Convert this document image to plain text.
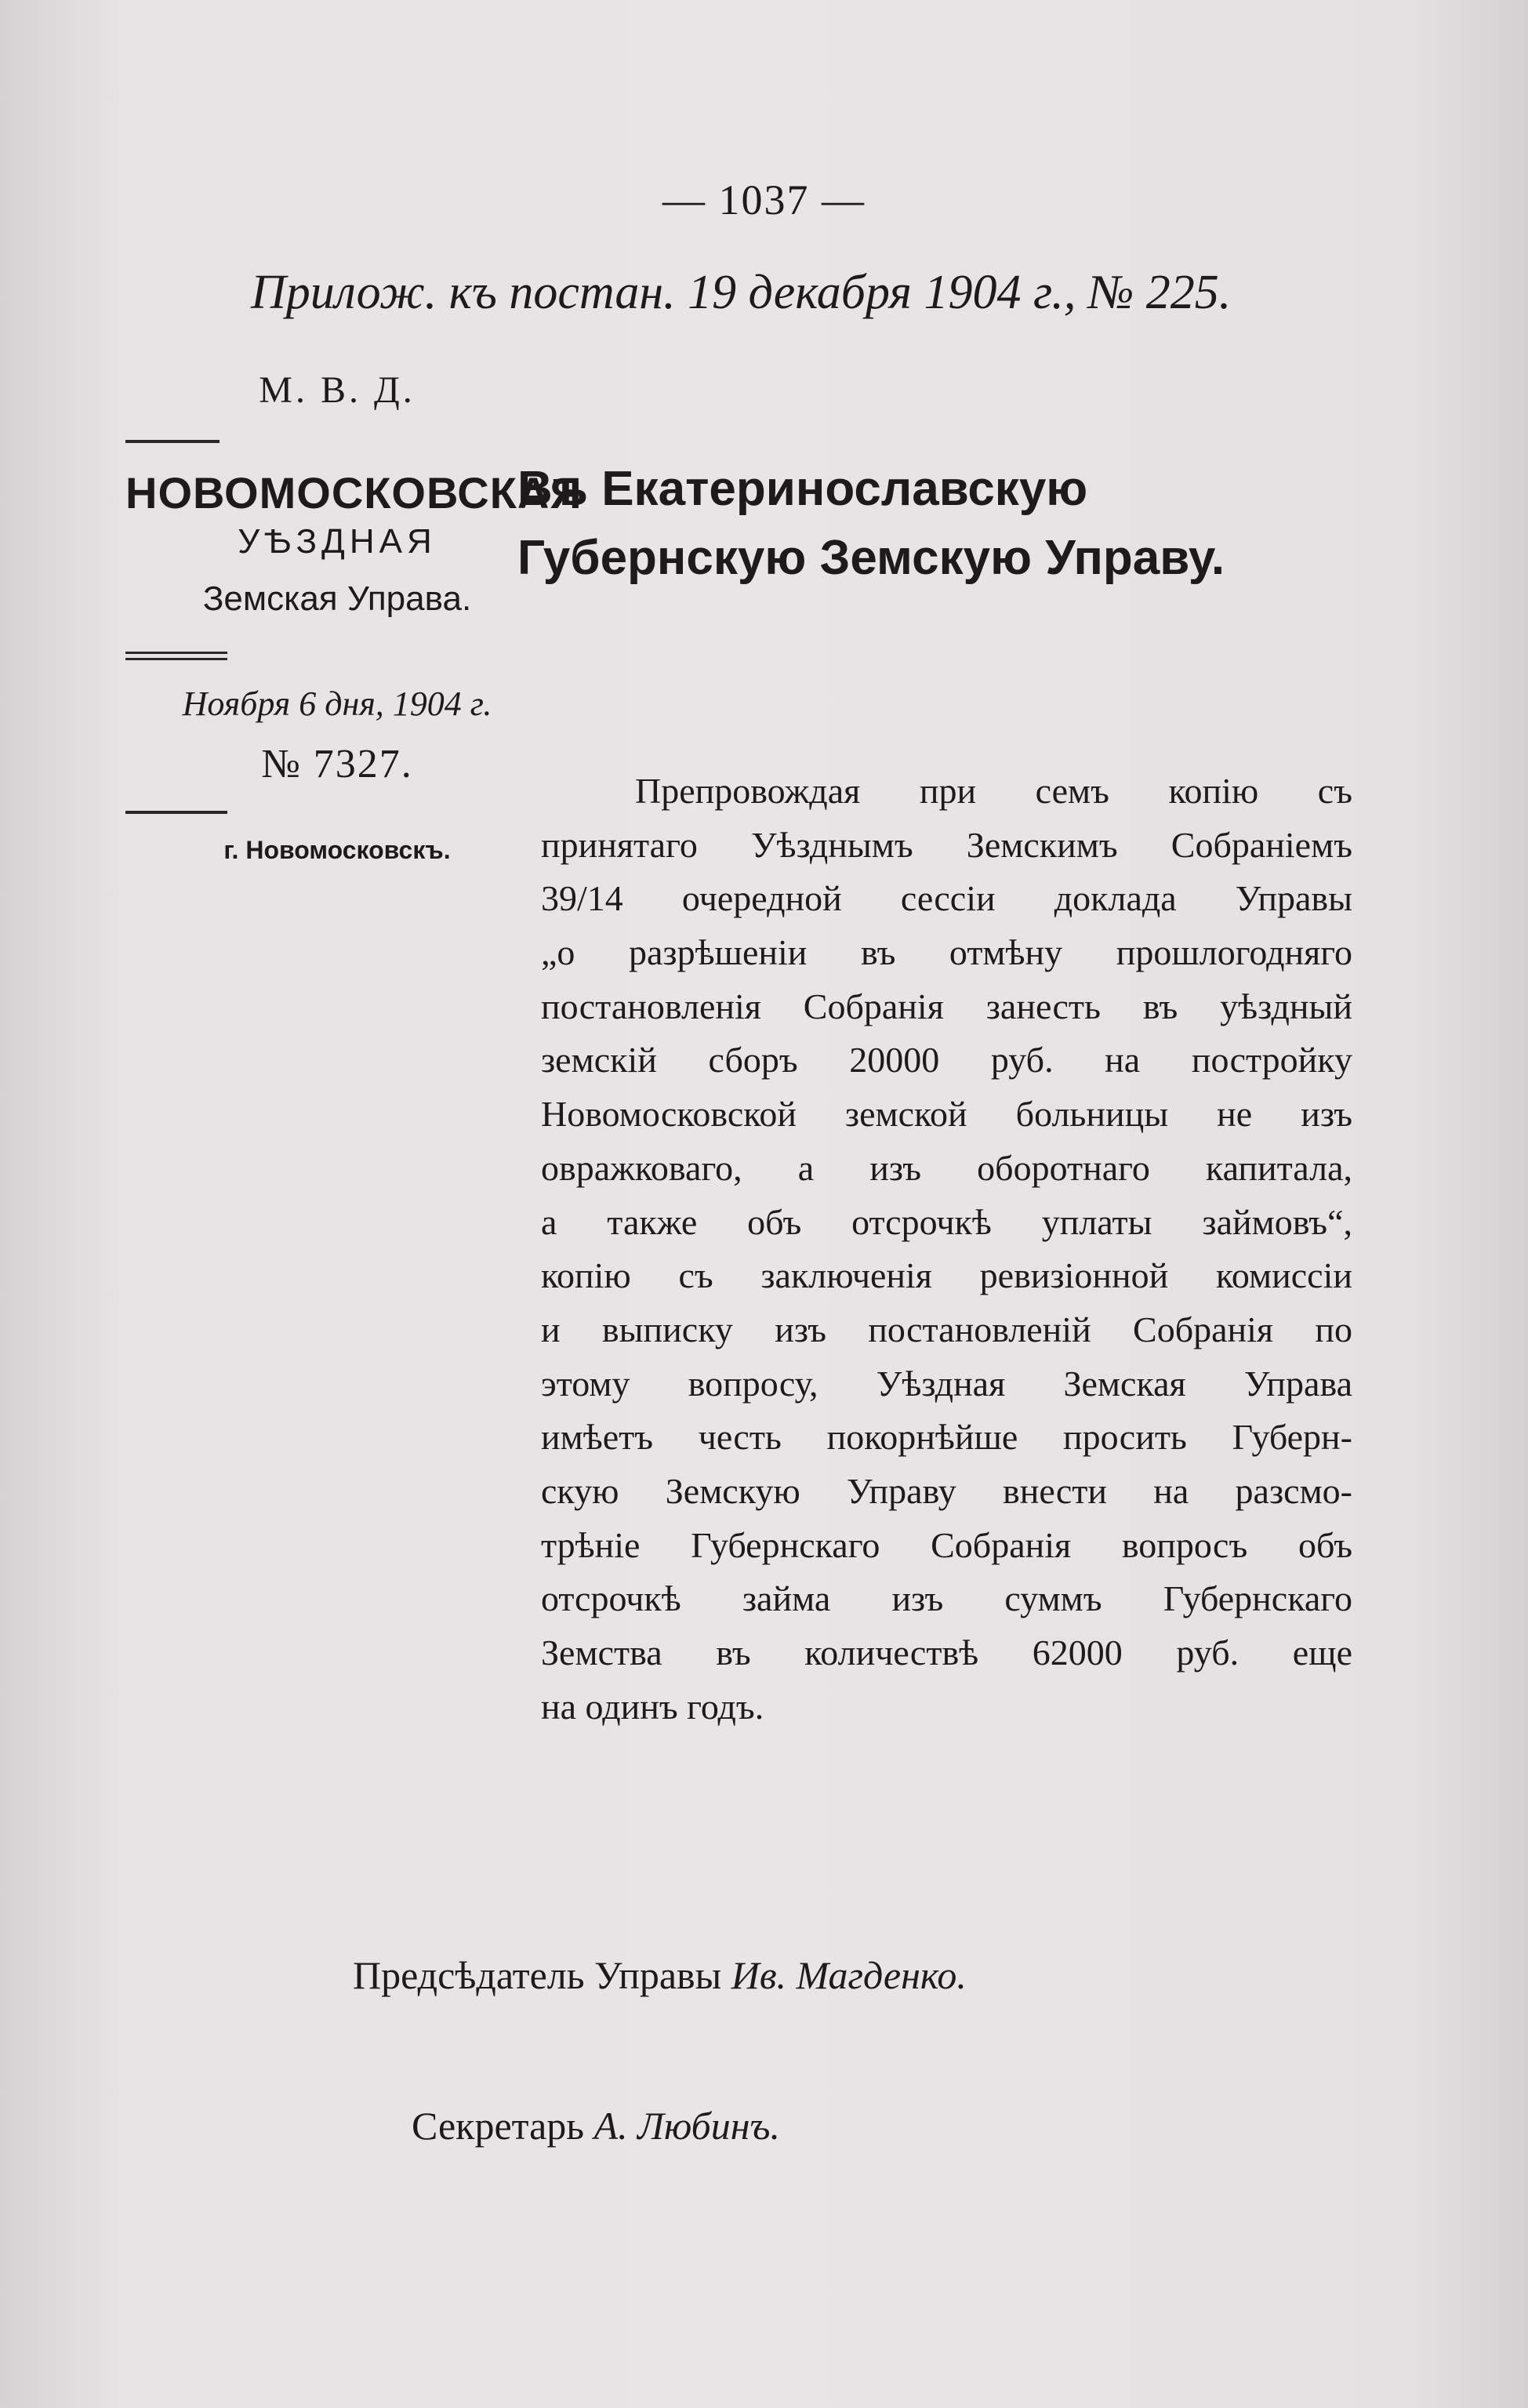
— 1037 —
Прилож. къ постан. 19 декабря 1904 г., № 225.
М. В. Д.
НОВОМОСКОВСКАЯ
УѢЗДНАЯ
Земская Управа.
Ноября 6 дня, 1904 г.
№ 7327.
г. Новомосковскъ.
Въ Екатеринославскую Губернскую Земскую Управу.
Препровождая при семъ копію съ
принятаго Уѣзднымъ Земскимъ Собраніемъ
39/14 очередной сессіи доклада Управы
„о разрѣшеніи въ отмѣну прошлогодняго
постановленія Собранія занесть въ уѣздный
земскій сборъ 20000 руб. на постройку
Новомосковской земской больницы не изъ
овражковаго, а изъ оборотнаго капитала,
а также объ отсрочкѣ уплаты займовъ“,
копію съ заключенія ревизіонной комиссіи
и выписку изъ постановленій Собранія по
этому вопросу, Уѣздная Земская Управа
имѣетъ честь покорнѣйше просить Губерн-
скую Земскую Управу внести на разсмо-
трѣніе Губернскаго Собранія вопросъ объ
отсрочкѣ займа изъ суммъ Губернскаго
Земства въ количествѣ 62000 руб. еще
на одинъ годъ.
Предсѣдатель Управы Ив. Магденко.
Секретарь А. Любинъ.
